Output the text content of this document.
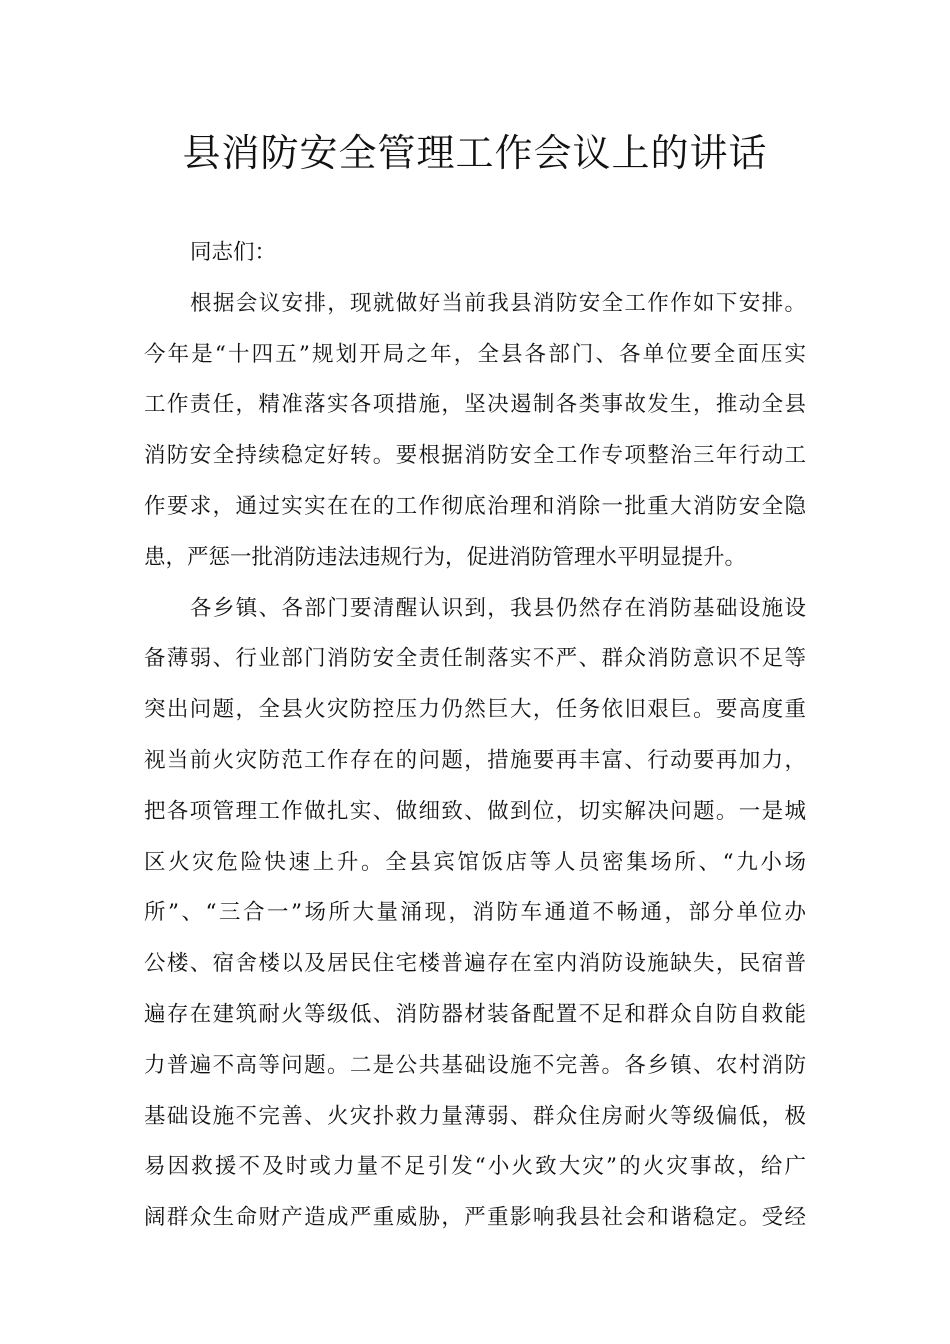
县消防安全管理工作会议上的讲话
同志们：
根据会议安排，现就做好当前我县消防安全工作作如下安排。
今年是“十四五”规划开局之年，全县各部门、各单位要全面压实
工作责任，精准落实各项措施，坚决遏制各类事故发生，推动全县
消防安全持续稳定好转。要根据消防安全工作专项整治三年行动工
作要求，通过实实在在的工作彻底治理和消除一批重大消防安全隐
患，严惩一批消防违法违规行为，促进消防管理水平明显提升。
各乡镇、各部门要清醒认识到，我县仍然存在消防基础设施设
备薄弱、行业部门消防安全责任制落实不严、群众消防意识不足等
突出问题，全县火灾防控压力仍然巨大，任务依旧艰巨。要高度重
视当前火灾防范工作存在的问题，措施要再丰富、行动要再加力，
把各项管理工作做扎实、做细致、做到位，切实解决问题。一是城
区火灾危险快速上升。全县宾馆饭店等人员密集场所、“九小场
所”、“三合一”场所大量涌现，消防车通道不畅通，部分单位办
公楼、宿舍楼以及居民住宅楼普遍存在室内消防设施缺失，民宿普
遍存在建筑耐火等级低、消防器材装备配置不足和群众自防自救能
力普遍不高等问题。二是公共基础设施不完善。各乡镇、农村消防
基础设施不完善、火灾扑救力量薄弱、群众住房耐火等级偏低，极
易因救援不及时或力量不足引发“小火致大灾”的火灾事故，给广
阔群众生命财产造成严重威胁，严重影响我县社会和谐稳定。受经
